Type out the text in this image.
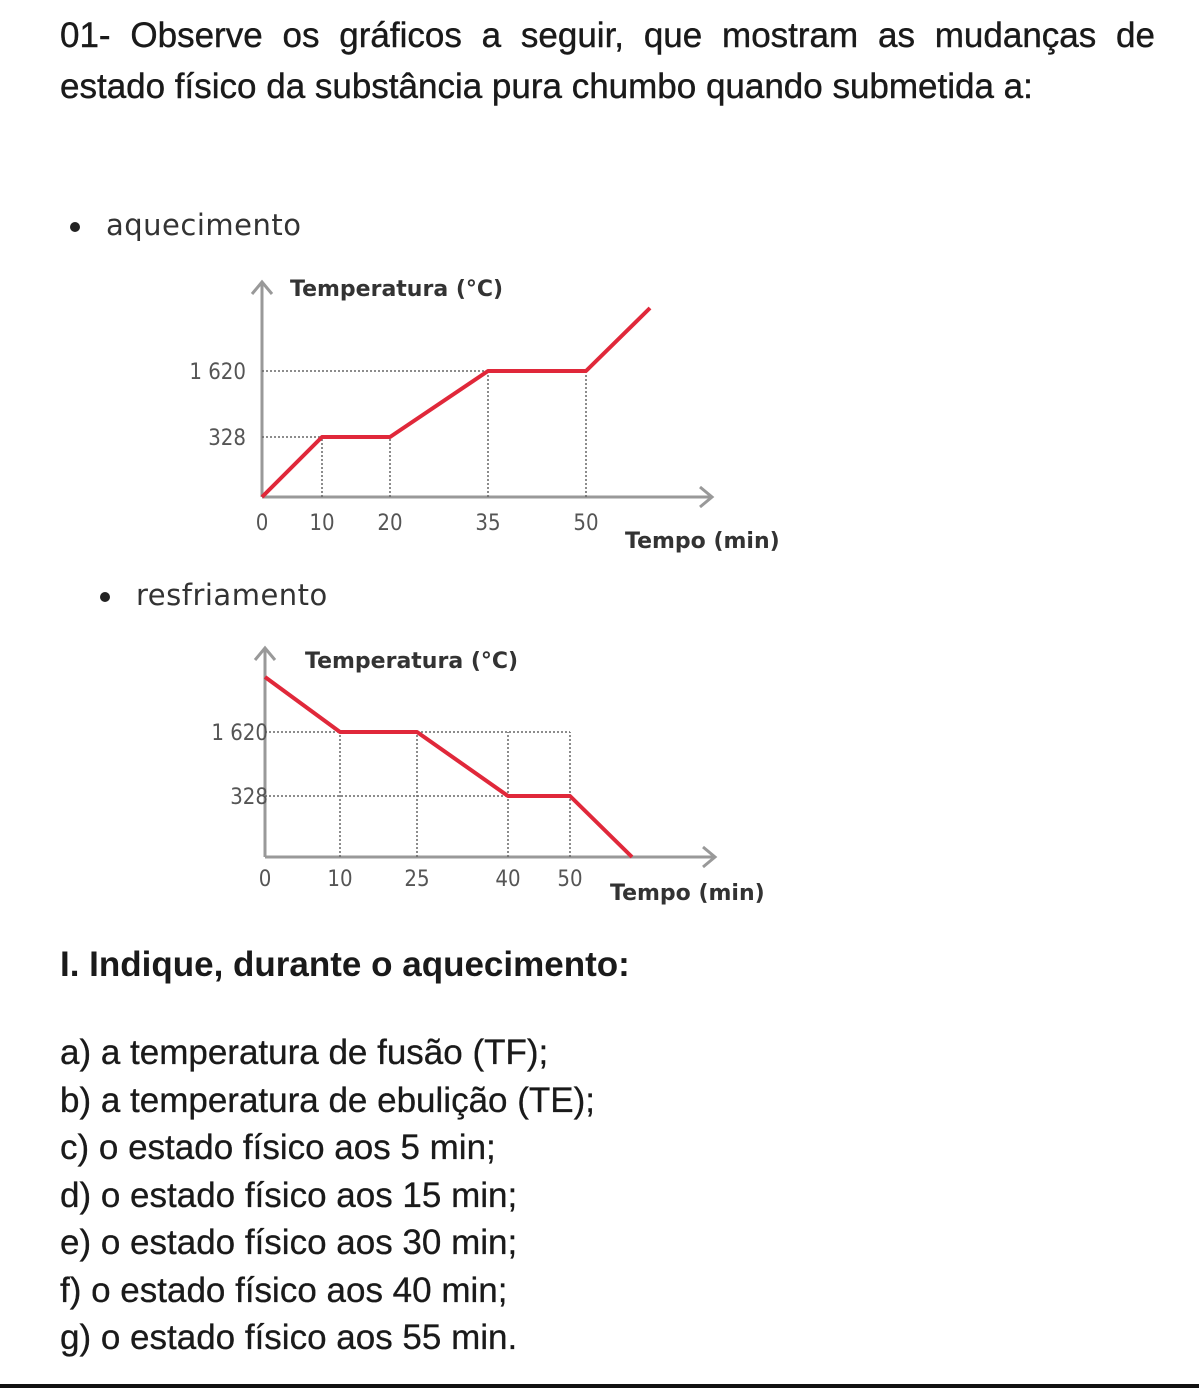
01- Observe os gráficos a seguir, que mostram as mudanças de estado físico da substância pura chumbo quando submetida a:
aquecimento
resfriamento
Temperatura (°C)
Tempo (min)
0 10 20	35	50
328
1 620
Temperatura (°C)
Tempo (min)
0	10 25	40 50
328
1 620
I. Indique, durante o aquecimento:
a) a temperatura de fusão (TF);
b) a temperatura de ebulição (TE);
c) o estado físico aos 5 min;
d) o estado físico aos 15 min;
e) o estado físico aos 30 min;
f) o estado físico aos 40 min;
g) o estado físico aos 55 min.
